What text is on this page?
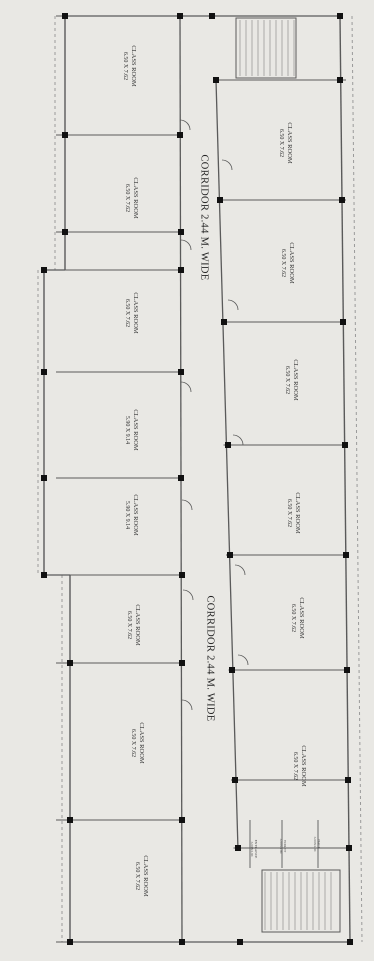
CORRIDOR 2.44 M. WIDE
CORRIDOR 2.44 M. WIDE
CLASS ROOM
6.50 X 7.62
CLASS ROOM
6.50 X 7.62
CLASS ROOM
6.50 X 7.62
CLASS ROOM
5.90 X 9.14
CLASS ROOM
5.90 X 9.14
CLASS ROOM
6.50 X 7.62
CLASS ROOM
6.50 X 7.62
CLASS ROOM
6.50 X 7.62
CLASS ROOM
6.50 X 7.62
CLASS ROOM
6.50 X 7.62
CLASS ROOM
6.50 X 7.62
CLASS ROOM
6.50 X 7.62
CLASS ROOM
6.50 X 7.62
CLASS ROOM
6.50 X 7.62
ENTRANCE
3.00X3.00	TOILET
3.00X3.00	HALL
3.00X3.00
